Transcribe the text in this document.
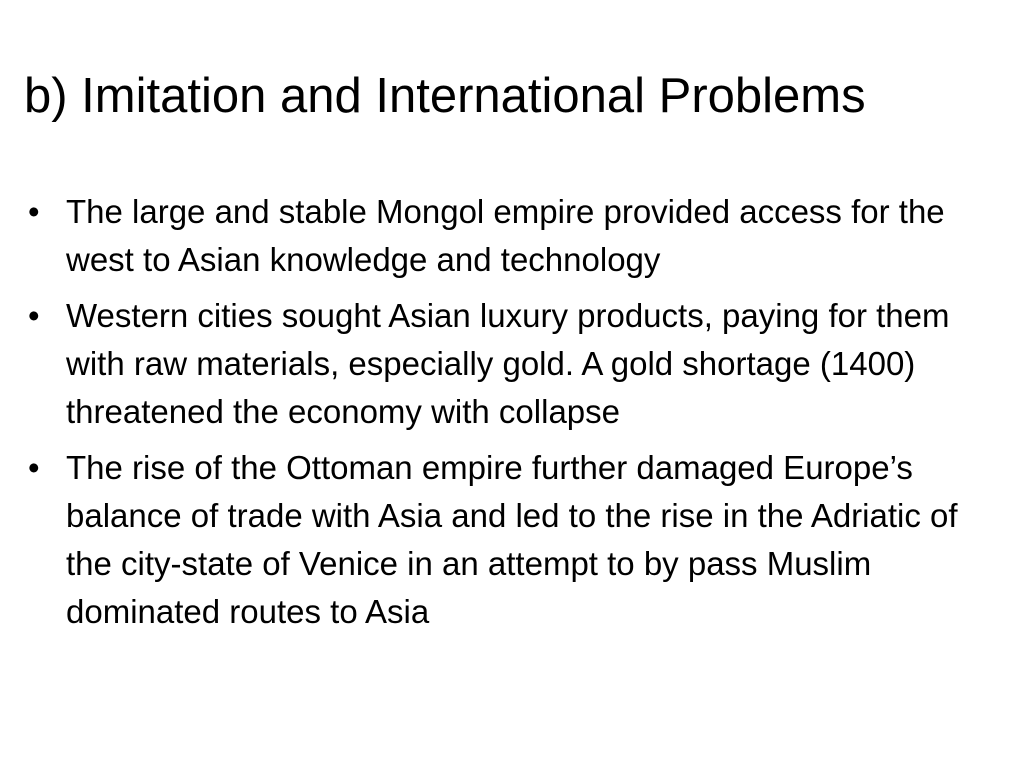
b) Imitation and International Problems
• The large and stable Mongol empire provided access for the west to Asian knowledge and technology
• Western cities sought Asian luxury products, paying for them with raw materials, especially gold. A gold shortage (1400) threatened the economy with collapse
• The rise of the Ottoman empire further damaged Europe’s balance of trade with Asia and led to the rise in the Adriatic of the city-state of Venice in an attempt to by pass Muslim dominated routes to Asia
